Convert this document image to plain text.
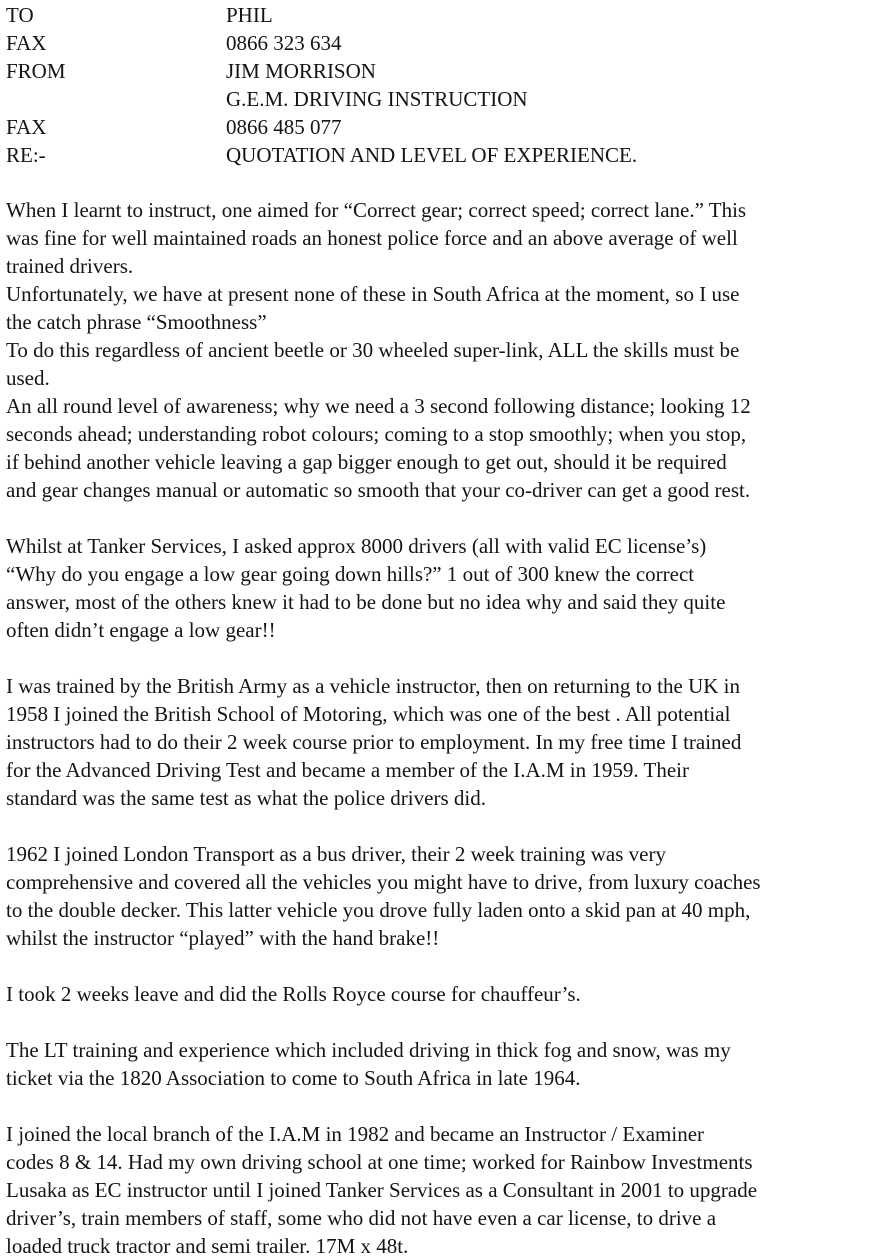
TO	PHIL
FAX	0866 323 634
FROM	JIM MORRISON
G.E.M. DRIVING INSTRUCTION
FAX	0866 485 077
RE:-	QUOTATION AND LEVEL OF EXPERIENCE.
When I learnt to instruct, one aimed for “Correct gear; correct speed; correct lane.” This
was fine for well maintained roads an honest police force and an above average of well
trained drivers.
Unfortunately, we have at present none of these in South Africa at the moment, so I use
the catch phrase “Smoothness”
To do this regardless of ancient beetle or 30 wheeled super-link, ALL the skills must be
used.
An all round level of awareness; why we need a 3 second following distance; looking 12
seconds ahead; understanding robot colours; coming to a stop smoothly; when you stop,
if behind another vehicle leaving a gap bigger enough to get out, should it be required
and gear changes manual or automatic so smooth that your co-driver can get a good rest.
Whilst at Tanker Services, I asked approx 8000 drivers (all with valid EC license’s)
“Why do you engage a low gear going down hills?” 1 out of 300 knew the correct
answer, most of the others knew it had to be done but no idea why and said they quite
often didn’t engage a low gear!!
I was trained by the British Army as a vehicle instructor, then on returning to the UK in
1958 I joined the British School of Motoring, which was one of the best . All potential
instructors had to do their 2 week course prior to employment. In my free time I trained
for the Advanced Driving Test and became a member of the I.A.M in 1959. Their
standard was the same test as what the police drivers did.
1962 I joined London Transport as a bus driver, their 2 week training was very
comprehensive and covered all the vehicles you might have to drive, from luxury coaches
to the double decker. This latter vehicle you drove fully laden onto a skid pan at 40 mph,
whilst the instructor “played” with the hand brake!!
I took 2 weeks leave and did the Rolls Royce course for chauffeur’s.
The LT training and experience which included driving in thick fog and snow, was my
ticket via the 1820 Association to come to South Africa in late 1964.
I joined the local branch of the I.A.M in 1982 and became an Instructor / Examiner
codes 8 & 14. Had my own driving school at one time; worked for Rainbow Investments
Lusaka as EC instructor until I joined Tanker Services as a Consultant in 2001 to upgrade
driver’s, train members of staff, some who did not have even a car license, to drive a
loaded truck tractor and semi trailer. 17M x 48t.
